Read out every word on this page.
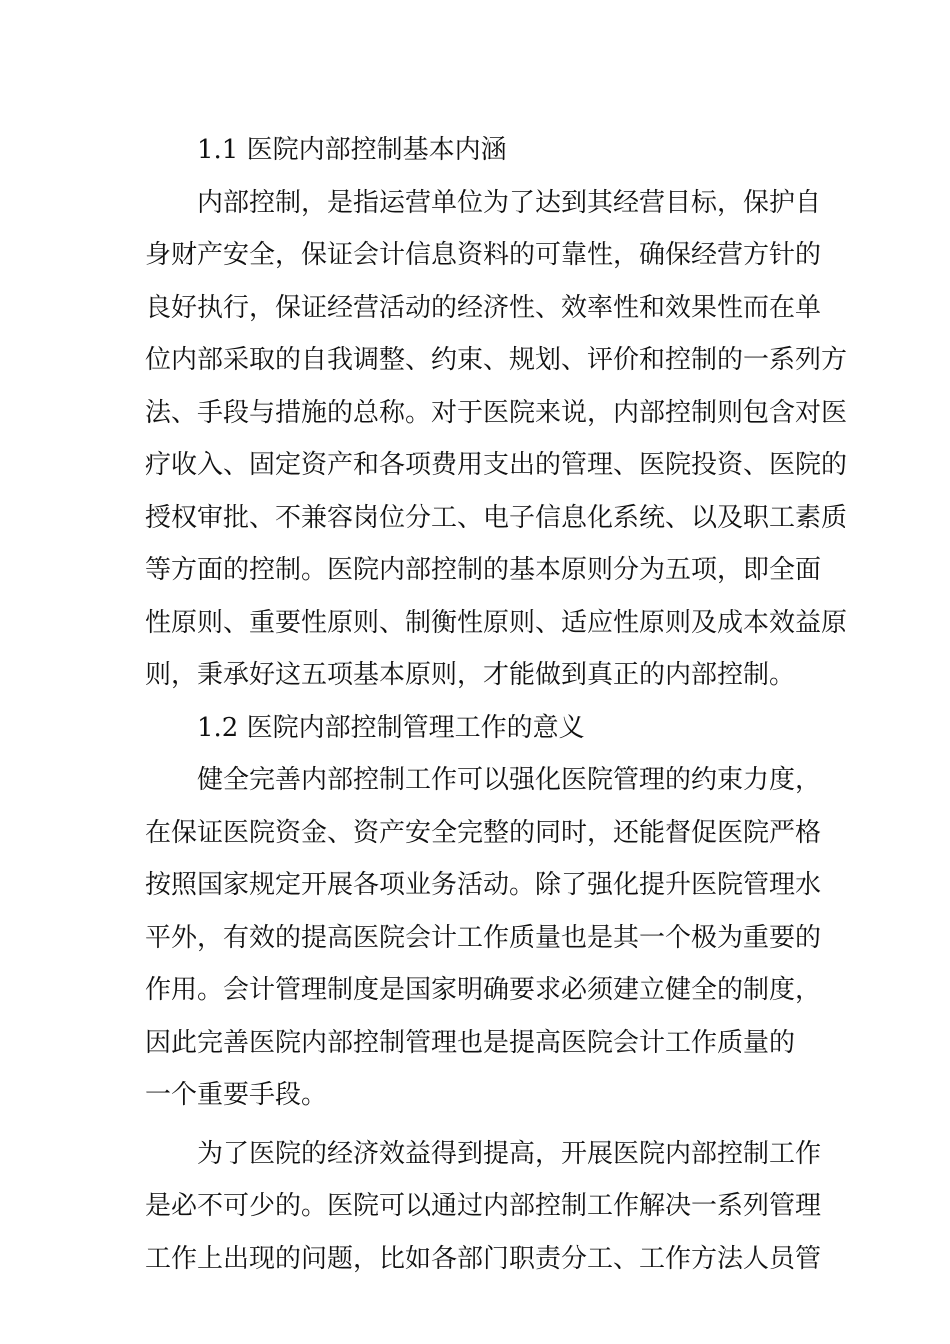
1.1 医院内部控制基本内涵
内部控制，是指运营单位为了达到其经营目标，保护自
身财产安全，保证会计信息资料的可靠性，确保经营方针的
良好执行，保证经营活动的经济性、效率性和效果性而在单
位内部采取的自我调整、约束、规划、评价和控制的一系列方
法、手段与措施的总称。对于医院来说，内部控制则包含对医
疗收入、固定资产和各项费用支出的管理、医院投资、医院的
授权审批、不兼容岗位分工、电子信息化系统、以及职工素质
等方面的控制。医院内部控制的基本原则分为五项，即全面
性原则、重要性原则、制衡性原则、适应性原则及成本效益原
则，秉承好这五项基本原则，才能做到真正的内部控制。
1.2 医院内部控制管理工作的意义
健全完善内部控制工作可以强化医院管理的约束力度，
在保证医院资金、资产安全完整的同时，还能督促医院严格
按照国家规定开展各项业务活动。除了强化提升医院管理水
平外，有效的提高医院会计工作质量也是其一个极为重要的
作用。会计管理制度是国家明确要求必须建立健全的制度，
因此完善医院内部控制管理也是提高医院会计工作质量的
一个重要手段。
为了医院的经济效益得到提高，开展医院内部控制工作
是必不可少的。医院可以通过内部控制工作解决一系列管理
工作上出现的问题，比如各部门职责分工、工作方法人员管
